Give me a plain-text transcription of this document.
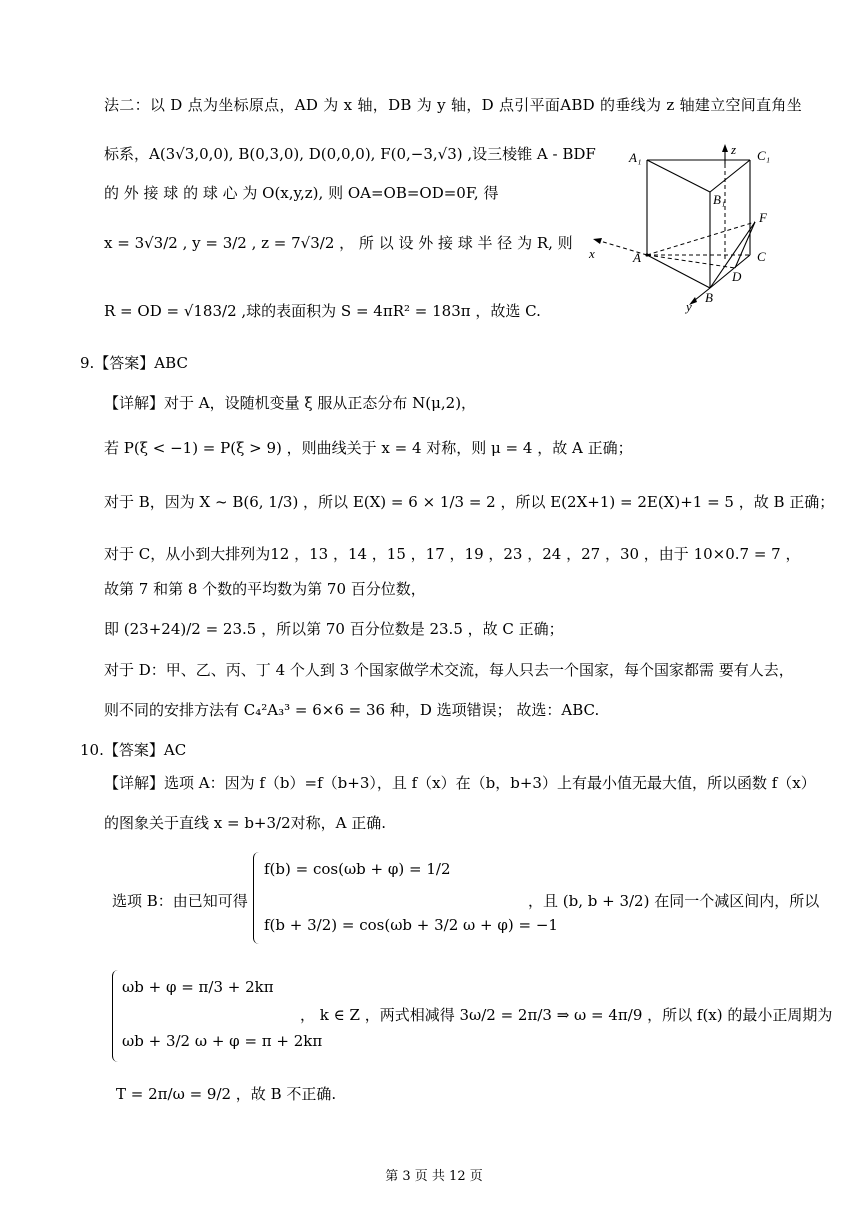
法二：以 D 点为坐标原点，AD 为 x 轴，DB 为 y 轴，D 点引平面ABD 的垂线为 z 轴建立空间直角坐
标系，A(3√3,0,0), B(0,3,0), D(0,0,0), F(0,−3,√3) ,设三棱锥 A - BDF
的 外 接 球 的 球 心 为 O(x,y,z), 则 OA=OB=OD=0F, 得
x = 3√3/2 , y = 3/2 , z = 7√3/2 ， 所 以 设 外 接 球 半 径 为 R, 则
R = OD = √183/2 ,球的表面积为 S = 4πR² = 183π ，故选 C.
A₁
z C₁
B₁
F
x	A	C
D
B
y
9.【答案】ABC
【详解】对于 A，设随机变量 ξ 服从正态分布 N(μ,2)，
若 P(ξ < −1) = P(ξ > 9) ，则曲线关于 x = 4 对称，则 μ = 4 ，故 A 正确；
对于 B，因为 X ~ B(6, 1/3) ，所以 E(X) = 6 × 1/3 = 2 ，所以 E(2X+1) = 2E(X)+1 = 5 ，故 B 正确；
对于 C，从小到大排列为12 ，13 ，14 ，15 ，17 ，19 ，23 ，24 ，27 ，30 ，由于 10×0.7 = 7 ，
故第 7 和第 8 个数的平均数为第 70 百分位数，
即 (23+24)/2 = 23.5 ，所以第 70 百分位数是 23.5 ，故 C 正确；
对于 D：甲、乙、丙、丁 4 个人到 3 个国家做学术交流，每人只去一个国家，每个国家都需 要有人去，
则不同的安排方法有 C₄²A₃³ = 6×6 = 36 种，D 选项错误； 故选：ABC.
10.【答案】AC
【详解】选项 A：因为 f（b）=f（b+3），且 f（x）在（b，b+3）上有最小值无最大值，所以函数 f（x）
的图象关于直线 x = b+3/2对称，A 正确.
选项 B：由已知可得
f(b) = cos(ωb + φ) = 1/2
f(b + 3/2) = cos(ωb + 3/2 ω + φ) = −1
，且 (b, b + 3/2) 在同一个减区间内，所以
ωb + φ = π/3 + 2kπ
ωb + 3/2 ω + φ = π + 2kπ
， k ∈ Z ，两式相减得 3ω/2 = 2π/3 ⇒ ω = 4π/9 ，所以 f(x) 的最小正周期为
T = 2π/ω = 9/2 ，故 B 不正确.
第 3 页 共 12 页
